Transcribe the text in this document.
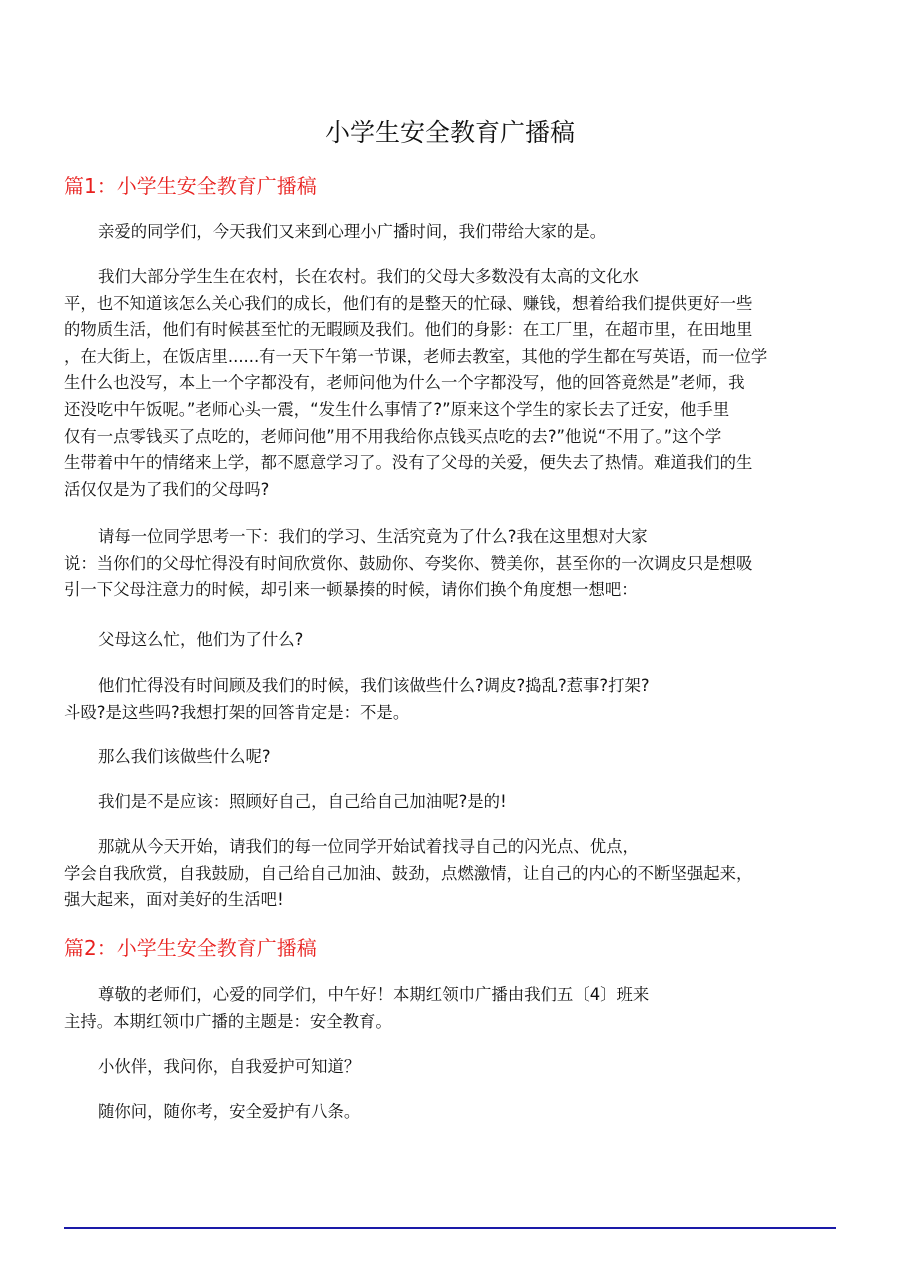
小学生安全教育广播稿
篇1：小学生安全教育广播稿

亲爱的同学们，今天我们又来到心理小广播时间，我们带给大家的是。

我们大部分学生生在农村，长在农村。我们的父母大多数没有太高的文化水
平，也不知道该怎么关心我们的成长，他们有的是整天的忙碌、赚钱，想着给我们提供更好一些
的物质生活，他们有时候甚至忙的无暇顾及我们。他们的身影：在工厂里，在超市里，在田地里
，在大街上，在饭店里......有一天下午第一节课，老师去教室，其他的学生都在写英语，而一位学
生什么也没写，本上一个字都没有，老师问他为什么一个字都没写，他的回答竟然是”老师，我
还没吃中午饭呢。”老师心头一震，“发生什么事情了?”原来这个学生的家长去了迁安，他手里
仅有一点零钱买了点吃的，老师问他”用不用我给你点钱买点吃的去?”他说“不用了。”这个学
生带着中午的情绪来上学，都不愿意学习了。没有了父母的关爱，便失去了热情。难道我们的生
活仅仅是为了我们的父母吗?

请每一位同学思考一下：我们的学习、生活究竟为了什么?我在这里想对大家
说：当你们的父母忙得没有时间欣赏你、鼓励你、夸奖你、赞美你，甚至你的一次调皮只是想吸
引一下父母注意力的时候，却引来一顿暴揍的时候，请你们换个角度想一想吧：

父母这么忙，他们为了什么?

他们忙得没有时间顾及我们的时候，我们该做些什么?调皮?捣乱?惹事?打架?
斗殴?是这些吗?我想打架的回答肯定是：不是。

那么我们该做些什么呢?

我们是不是应该：照顾好自己，自己给自己加油呢?是的!

那就从今天开始，请我们的每一位同学开始试着找寻自己的闪光点、优点，
学会自我欣赏，自我鼓励，自己给自己加油、鼓劲，点燃激情，让自己的内心的不断坚强起来，
强大起来，面对美好的生活吧!

篇2：小学生安全教育广播稿

尊敬的老师们，心爱的同学们，中午好！本期红领巾广播由我们五〔4〕班来
主持。本期红领巾广播的主题是：安全教育。

小伙伴，我问你，自我爱护可知道？

随你问，随你考，安全爱护有八条。
